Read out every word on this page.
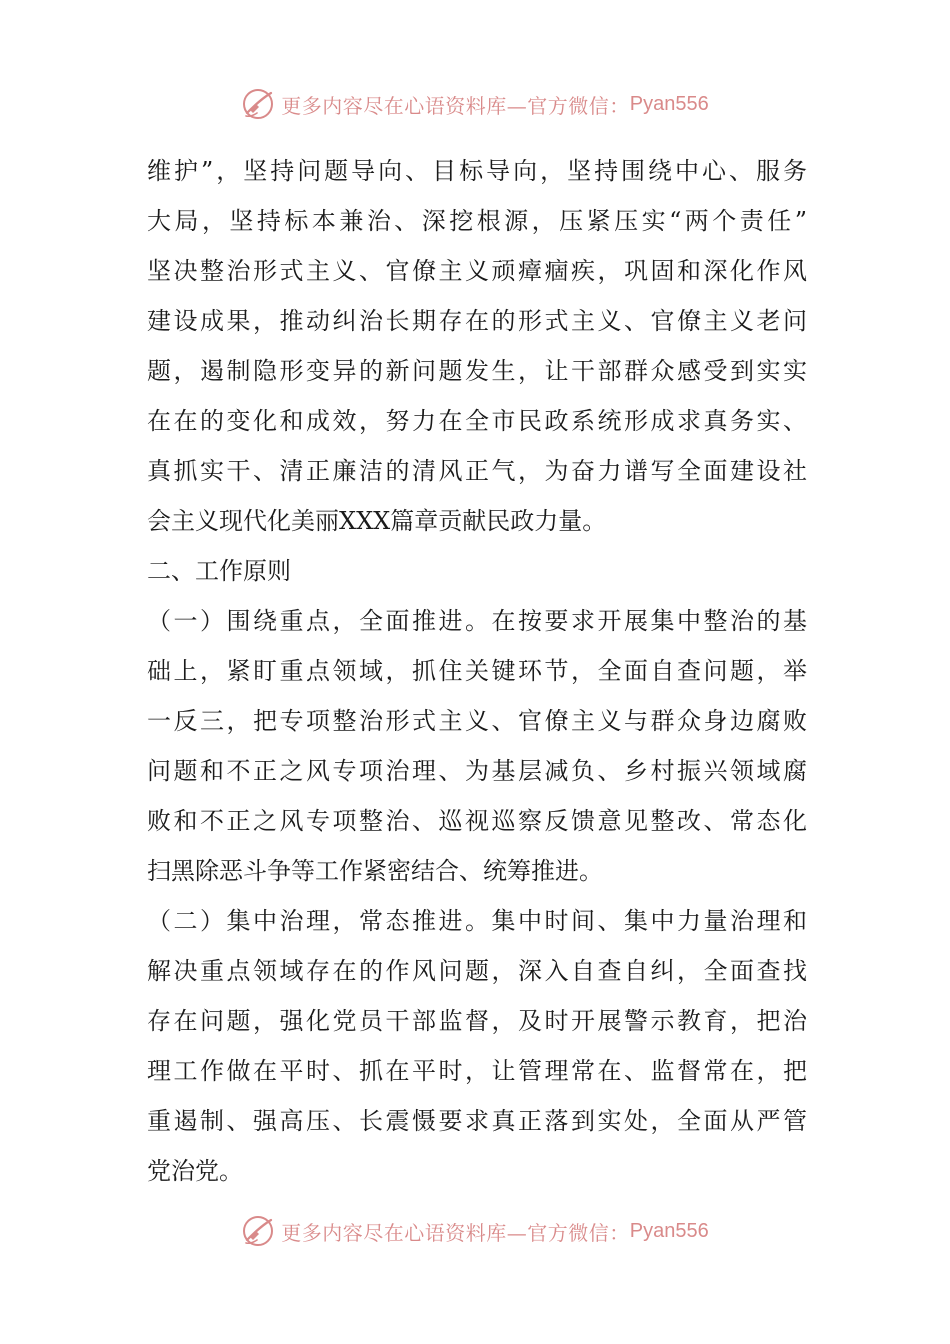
更多内容尽在心语资料库—官方微信： Pyan556
维护”，坚持问题导向、目标导向，坚持围绕中心、服务
大局，坚持标本兼治、深挖根源，压紧压实“两个责任”
坚决整治形式主义、官僚主义顽瘴痼疾，巩固和深化作风
建设成果，推动纠治长期存在的形式主义、官僚主义老问
题，遏制隐形变异的新问题发生，让干部群众感受到实实
在在的变化和成效，努力在全市民政系统形成求真务实、
真抓实干、清正廉洁的清风正气，为奋力谱写全面建设社
会主义现代化美丽XXX篇章贡献民政力量。
二、工作原则
（一）围绕重点，全面推进。在按要求开展集中整治的基
础上，紧盯重点领域，抓住关键环节，全面自查问题，举
一反三，把专项整治形式主义、官僚主义与群众身边腐败
问题和不正之风专项治理、为基层减负、乡村振兴领域腐
败和不正之风专项整治、巡视巡察反馈意见整改、常态化
扫黑除恶斗争等工作紧密结合、统筹推进。
（二）集中治理，常态推进。集中时间、集中力量治理和
解决重点领域存在的作风问题，深入自查自纠，全面查找
存在问题，强化党员干部监督，及时开展警示教育，把治
理工作做在平时、抓在平时，让管理常在、监督常在，把
重遏制、强高压、长震慑要求真正落到实处，全面从严管
党治党。
更多内容尽在心语资料库—官方微信： Pyan556
